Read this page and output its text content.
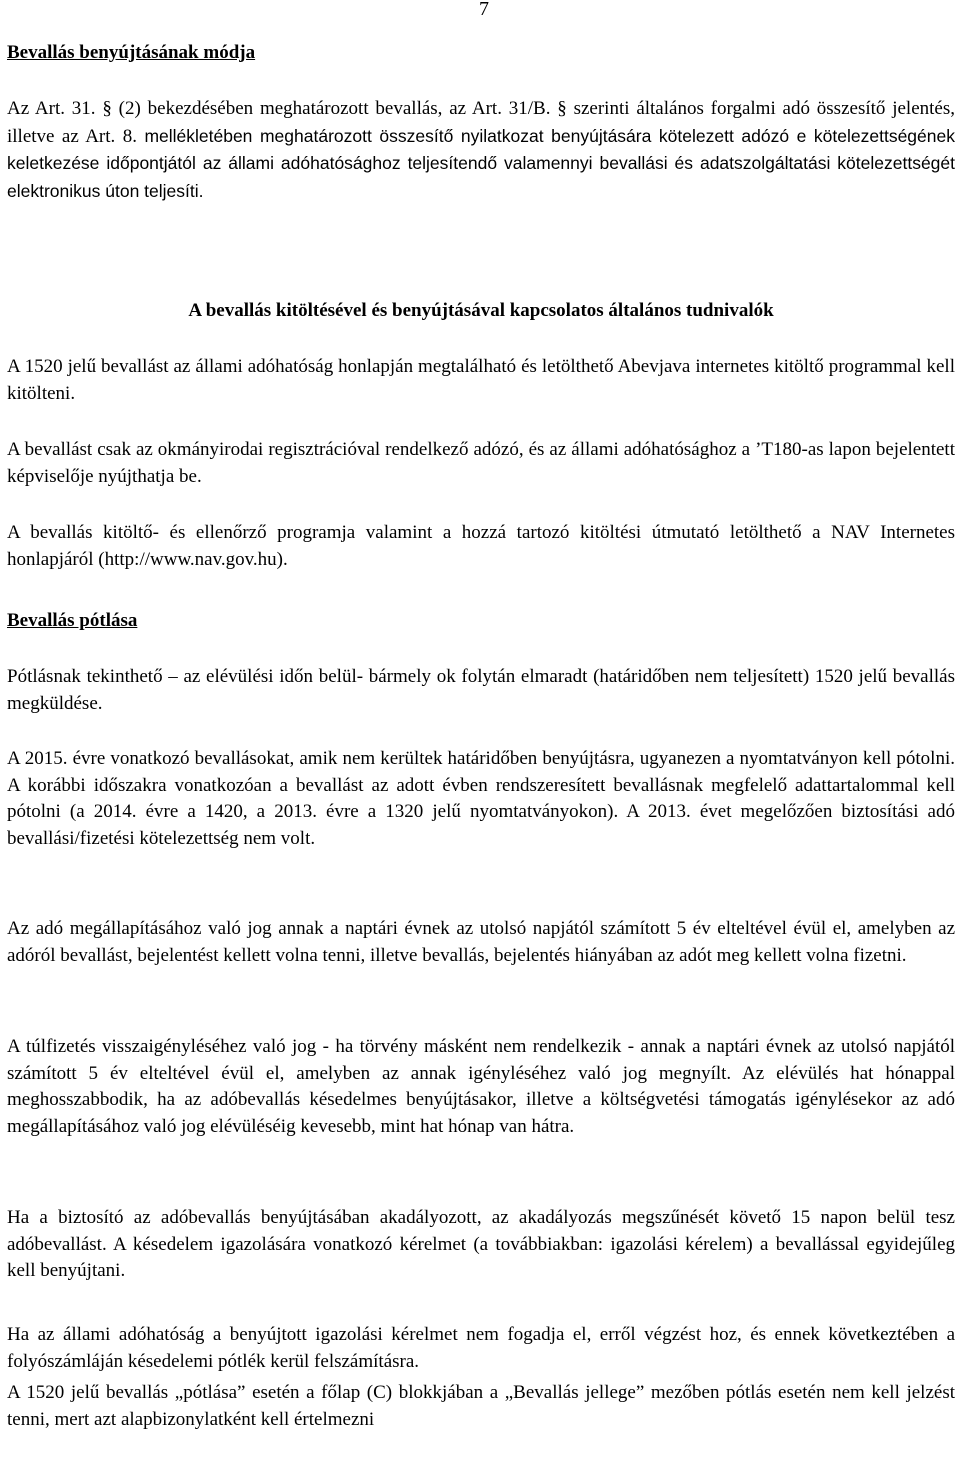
7
Bevallás benyújtásának módja

Az Art. 31. § (2) bekezdésében meghatározott bevallás, az Art. 31/B. § szerinti általános forgalmi adó összesítő jelentés, illetve az Art. 8. mellékletében meghatározott összesítő nyilatkozat benyújtására kötelezett adózó e kötelezettségének keletkezése időpontjától az állami adóhatósághoz teljesítendő valamennyi bevallási és adatszolgáltatási kötelezettségét elektronikus úton teljesíti.

A bevallás kitöltésével és benyújtásával kapcsolatos általános tudnivalók

A 1520 jelű bevallást az állami adóhatóság honlapján megtalálható és letölthető Abevjava internetes kitöltő programmal kell kitölteni.

A bevallást csak az okmányirodai regisztrációval rendelkező adózó, és az állami adóhatósághoz a ’T180-as lapon bejelentett képviselője nyújthatja be.

A bevallás kitöltő- és ellenőrző programja valamint a hozzá tartozó kitöltési útmutató letölthető a NAV Internetes honlapjáról (http://www.nav.gov.hu).

Bevallás pótlása

Pótlásnak tekinthető – az elévülési időn belül- bármely ok folytán elmaradt (határidőben nem teljesített) 1520 jelű bevallás megküldése.

A 2015. évre vonatkozó bevallásokat, amik nem kerültek határidőben benyújtásra, ugyanezen a nyomtatványon kell pótolni. A korábbi időszakra vonatkozóan a bevallást az adott évben rendszeresített bevallásnak megfelelő adattartalommal kell pótolni (a 2014. évre a 1420, a 2013. évre a 1320 jelű nyomtatványokon). A 2013. évet megelőzően biztosítási adó bevallási/fizetési kötelezettség nem volt.

Az adó megállapításához való jog annak a naptári évnek az utolsó napjától számított 5 év elteltével évül el, amelyben az adóról bevallást, bejelentést kellett volna tenni, illetve bevallás, bejelentés hiányában az adót meg kellett volna fizetni.

A túlfizetés visszaigényléséhez való jog - ha törvény másként nem rendelkezik - annak a naptári évnek az utolsó napjától számított 5 év elteltével évül el, amelyben az annak igényléséhez való jog megnyílt. Az elévülés hat hónappal meghosszabbodik, ha az adóbevallás késedelmes benyújtásakor, illetve a költségvetési támogatás igénylésekor az adó megállapításához való jog elévüléséig kevesebb, mint hat hónap van hátra.

Ha a biztosító az adóbevallás benyújtásában akadályozott, az akadályozás megszűnését követő 15 napon belül tesz adóbevallást. A késedelem igazolására vonatkozó kérelmet (a továbbiakban: igazolási kérelem) a bevallással egyidejűleg kell benyújtani.

Ha az állami adóhatóság a benyújtott igazolási kérelmet nem fogadja el, erről végzést hoz, és ennek következtében a folyószámláján késedelemi pótlék kerül felszámításra.

A 1520 jelű bevallás „pótlása” esetén a főlap (C) blokkjában a „Bevallás jellege” mezőben pótlás esetén nem kell jelzést tenni, mert azt alapbizonylatként kell értelmezni
